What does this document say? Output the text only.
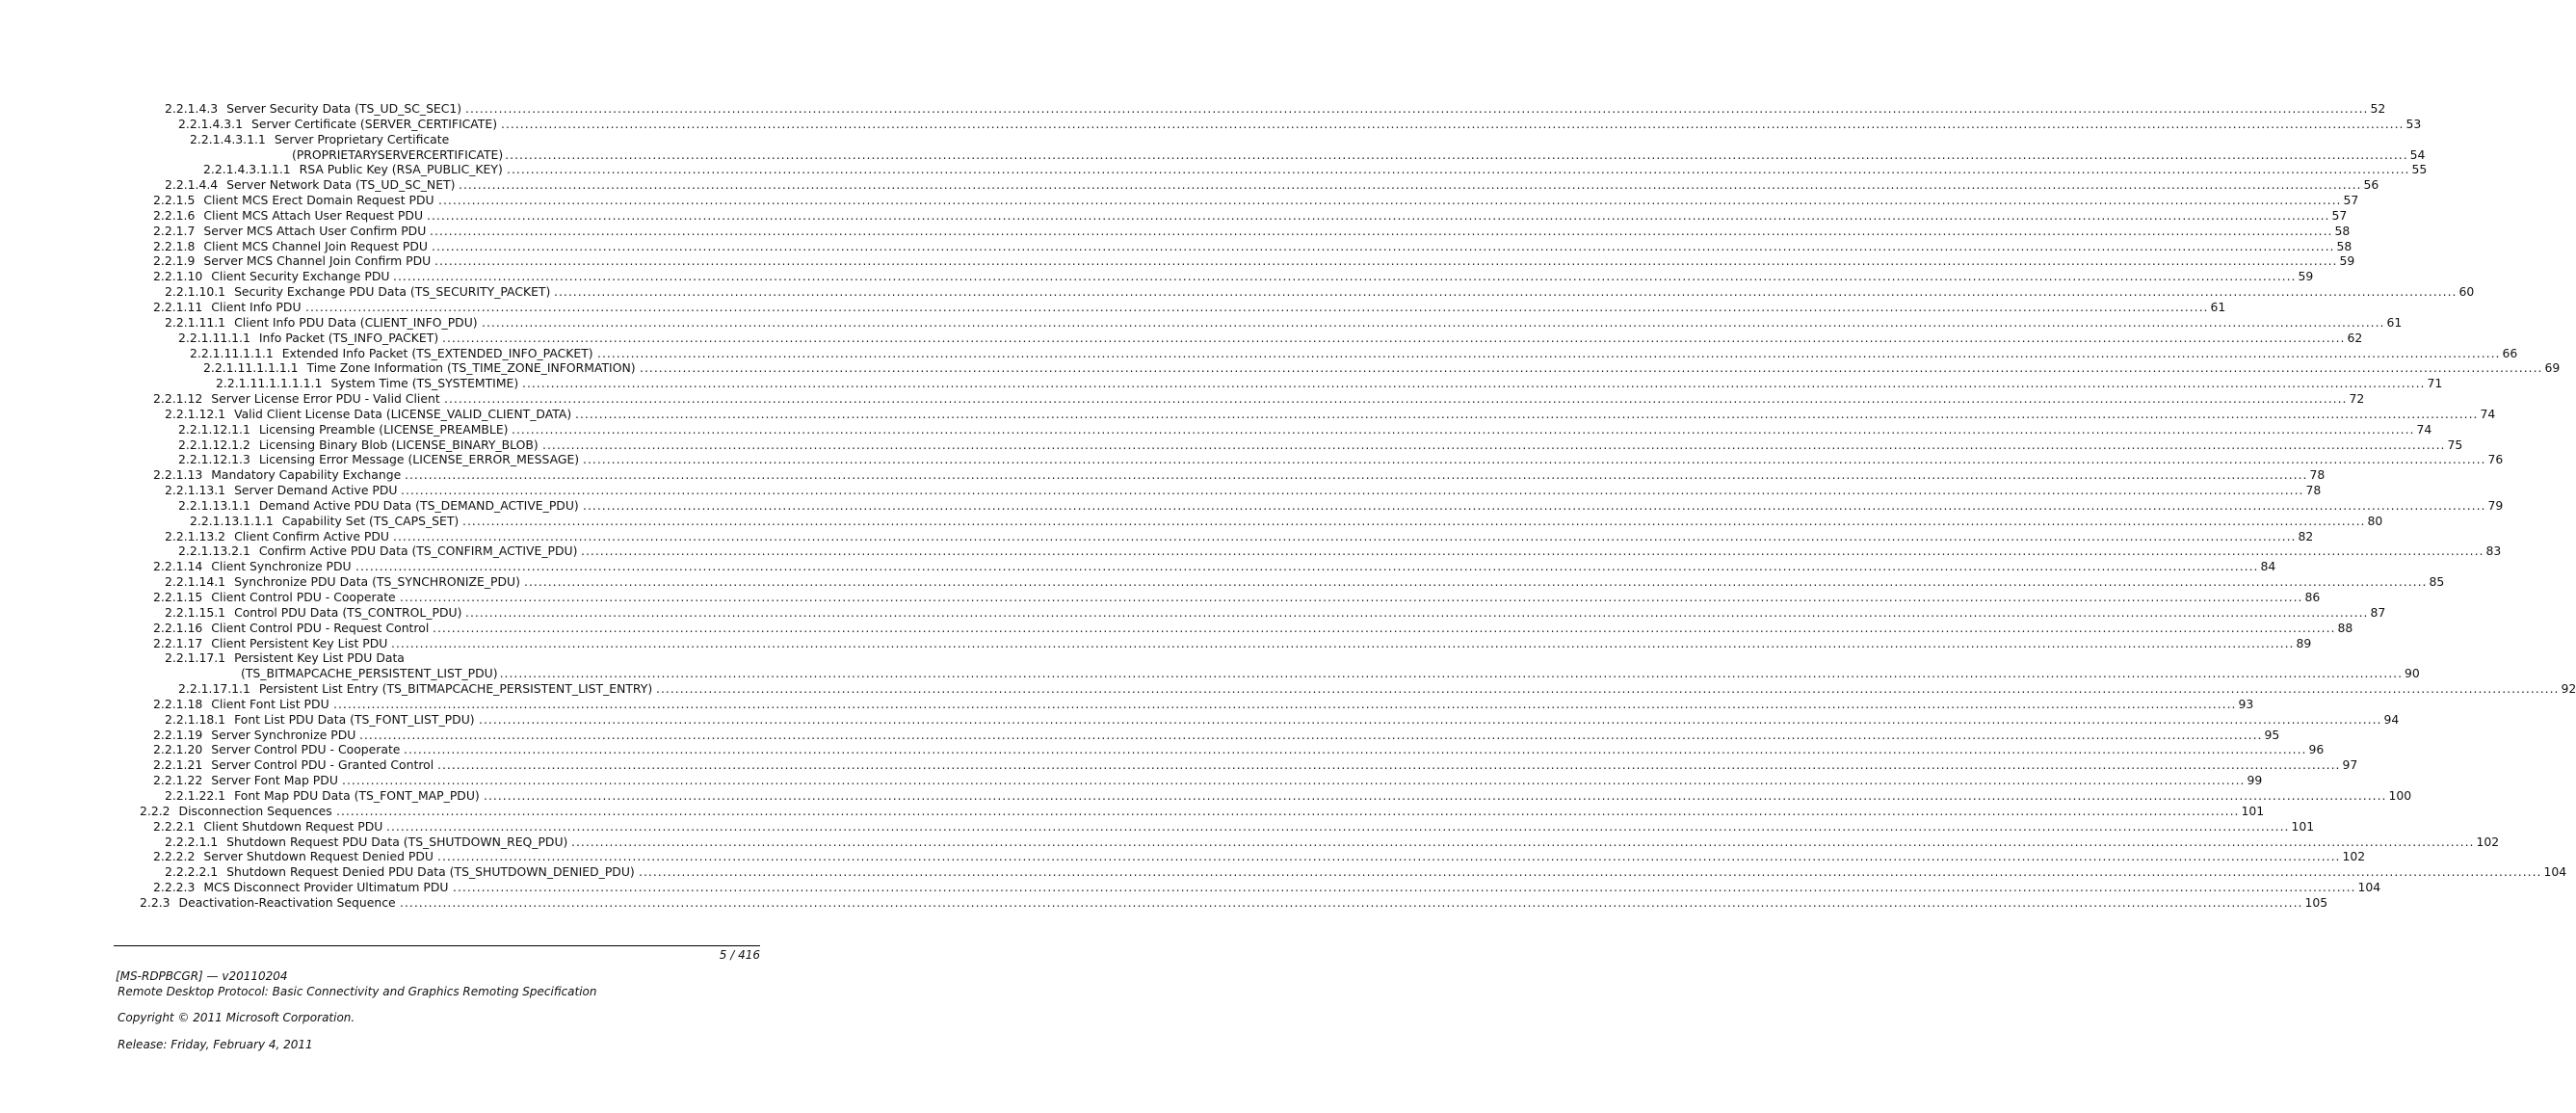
2.2.1.4.3 Server Security Data (TS_UD_SC_SEC1) ................................................................................................................................................................................................................................................................................................................................................................................................................ 52
2.2.1.4.3.1 Server Certificate (SERVER_CERTIFICATE) ................................................................................................................................................................................................................................................................................................................................................................................................................ 53
2.2.1.4.3.1.1 Server Proprietary Certificate
(PROPRIETARYSERVERCERTIFICATE) ................................................................................................................................................................................................................................................................................................................................................................................................................ 54
2.2.1.4.3.1.1.1 RSA Public Key (RSA_PUBLIC_KEY) ................................................................................................................................................................................................................................................................................................................................................................................................................ 55
2.2.1.4.4 Server Network Data (TS_UD_SC_NET) ................................................................................................................................................................................................................................................................................................................................................................................................................ 56
2.2.1.5 Client MCS Erect Domain Request PDU ................................................................................................................................................................................................................................................................................................................................................................................................................ 57
2.2.1.6 Client MCS Attach User Request PDU ................................................................................................................................................................................................................................................................................................................................................................................................................ 57
2.2.1.7 Server MCS Attach User Confirm PDU ................................................................................................................................................................................................................................................................................................................................................................................................................ 58
2.2.1.8 Client MCS Channel Join Request PDU ................................................................................................................................................................................................................................................................................................................................................................................................................ 58
2.2.1.9 Server MCS Channel Join Confirm PDU ................................................................................................................................................................................................................................................................................................................................................................................................................ 59
2.2.1.10 Client Security Exchange PDU ................................................................................................................................................................................................................................................................................................................................................................................................................ 59
2.2.1.10.1 Security Exchange PDU Data (TS_SECURITY_PACKET) ................................................................................................................................................................................................................................................................................................................................................................................................................ 60
2.2.1.11 Client Info PDU ................................................................................................................................................................................................................................................................................................................................................................................................................ 61
2.2.1.11.1 Client Info PDU Data (CLIENT_INFO_PDU) ................................................................................................................................................................................................................................................................................................................................................................................................................ 61
2.2.1.11.1.1 Info Packet (TS_INFO_PACKET) ................................................................................................................................................................................................................................................................................................................................................................................................................ 62
2.2.1.11.1.1.1 Extended Info Packet (TS_EXTENDED_INFO_PACKET) ................................................................................................................................................................................................................................................................................................................................................................................................................ 66
2.2.1.11.1.1.1.1 Time Zone Information (TS_TIME_ZONE_INFORMATION) ................................................................................................................................................................................................................................................................................................................................................................................................................ 69
2.2.1.11.1.1.1.1.1 System Time (TS_SYSTEMTIME) ................................................................................................................................................................................................................................................................................................................................................................................................................ 71
2.2.1.12 Server License Error PDU - Valid Client ................................................................................................................................................................................................................................................................................................................................................................................................................ 72
2.2.1.12.1 Valid Client License Data (LICENSE_VALID_CLIENT_DATA) ................................................................................................................................................................................................................................................................................................................................................................................................................ 74
2.2.1.12.1.1 Licensing Preamble (LICENSE_PREAMBLE) ................................................................................................................................................................................................................................................................................................................................................................................................................ 74
2.2.1.12.1.2 Licensing Binary Blob (LICENSE_BINARY_BLOB) ................................................................................................................................................................................................................................................................................................................................................................................................................ 75
2.2.1.12.1.3 Licensing Error Message (LICENSE_ERROR_MESSAGE) ................................................................................................................................................................................................................................................................................................................................................................................................................ 76
2.2.1.13 Mandatory Capability Exchange ................................................................................................................................................................................................................................................................................................................................................................................................................ 78
2.2.1.13.1 Server Demand Active PDU ................................................................................................................................................................................................................................................................................................................................................................................................................ 78
2.2.1.13.1.1 Demand Active PDU Data (TS_DEMAND_ACTIVE_PDU) ................................................................................................................................................................................................................................................................................................................................................................................................................ 79
2.2.1.13.1.1.1 Capability Set (TS_CAPS_SET) ................................................................................................................................................................................................................................................................................................................................................................................................................ 80
2.2.1.13.2 Client Confirm Active PDU ................................................................................................................................................................................................................................................................................................................................................................................................................ 82
2.2.1.13.2.1 Confirm Active PDU Data (TS_CONFIRM_ACTIVE_PDU) ................................................................................................................................................................................................................................................................................................................................................................................................................ 83
2.2.1.14 Client Synchronize PDU ................................................................................................................................................................................................................................................................................................................................................................................................................ 84
2.2.1.14.1 Synchronize PDU Data (TS_SYNCHRONIZE_PDU) ................................................................................................................................................................................................................................................................................................................................................................................................................ 85
2.2.1.15 Client Control PDU - Cooperate ................................................................................................................................................................................................................................................................................................................................................................................................................ 86
2.2.1.15.1 Control PDU Data (TS_CONTROL_PDU) ................................................................................................................................................................................................................................................................................................................................................................................................................ 87
2.2.1.16 Client Control PDU - Request Control ................................................................................................................................................................................................................................................................................................................................................................................................................ 88
2.2.1.17 Client Persistent Key List PDU ................................................................................................................................................................................................................................................................................................................................................................................................................ 89
2.2.1.17.1 Persistent Key List PDU Data
(TS_BITMAPCACHE_PERSISTENT_LIST_PDU) ................................................................................................................................................................................................................................................................................................................................................................................................................ 90
2.2.1.17.1.1 Persistent List Entry (TS_BITMAPCACHE_PERSISTENT_LIST_ENTRY) ................................................................................................................................................................................................................................................................................................................................................................................................................ 92
2.2.1.18 Client Font List PDU ................................................................................................................................................................................................................................................................................................................................................................................................................ 93
2.2.1.18.1 Font List PDU Data (TS_FONT_LIST_PDU) ................................................................................................................................................................................................................................................................................................................................................................................................................ 94
2.2.1.19 Server Synchronize PDU ................................................................................................................................................................................................................................................................................................................................................................................................................ 95
2.2.1.20 Server Control PDU - Cooperate ................................................................................................................................................................................................................................................................................................................................................................................................................ 96
2.2.1.21 Server Control PDU - Granted Control ................................................................................................................................................................................................................................................................................................................................................................................................................ 97
2.2.1.22 Server Font Map PDU ................................................................................................................................................................................................................................................................................................................................................................................................................ 99
2.2.1.22.1 Font Map PDU Data (TS_FONT_MAP_PDU) ................................................................................................................................................................................................................................................................................................................................................................................................................ 100
2.2.2 Disconnection Sequences ................................................................................................................................................................................................................................................................................................................................................................................................................ 101
2.2.2.1 Client Shutdown Request PDU ................................................................................................................................................................................................................................................................................................................................................................................................................ 101
2.2.2.1.1 Shutdown Request PDU Data (TS_SHUTDOWN_REQ_PDU) ................................................................................................................................................................................................................................................................................................................................................................................................................ 102
2.2.2.2 Server Shutdown Request Denied PDU ................................................................................................................................................................................................................................................................................................................................................................................................................ 102
2.2.2.2.1 Shutdown Request Denied PDU Data (TS_SHUTDOWN_DENIED_PDU) ................................................................................................................................................................................................................................................................................................................................................................................................................ 104
2.2.2.3 MCS Disconnect Provider Ultimatum PDU ................................................................................................................................................................................................................................................................................................................................................................................................................ 104
2.2.3 Deactivation-Reactivation Sequence ................................................................................................................................................................................................................................................................................................................................................................................................................ 105
5 / 416
[MS-RDPBCGR] — v20110204
Remote Desktop Protocol: Basic Connectivity and Graphics Remoting Specification
Copyright © 2011 Microsoft Corporation.
Release: Friday, February 4, 2011
